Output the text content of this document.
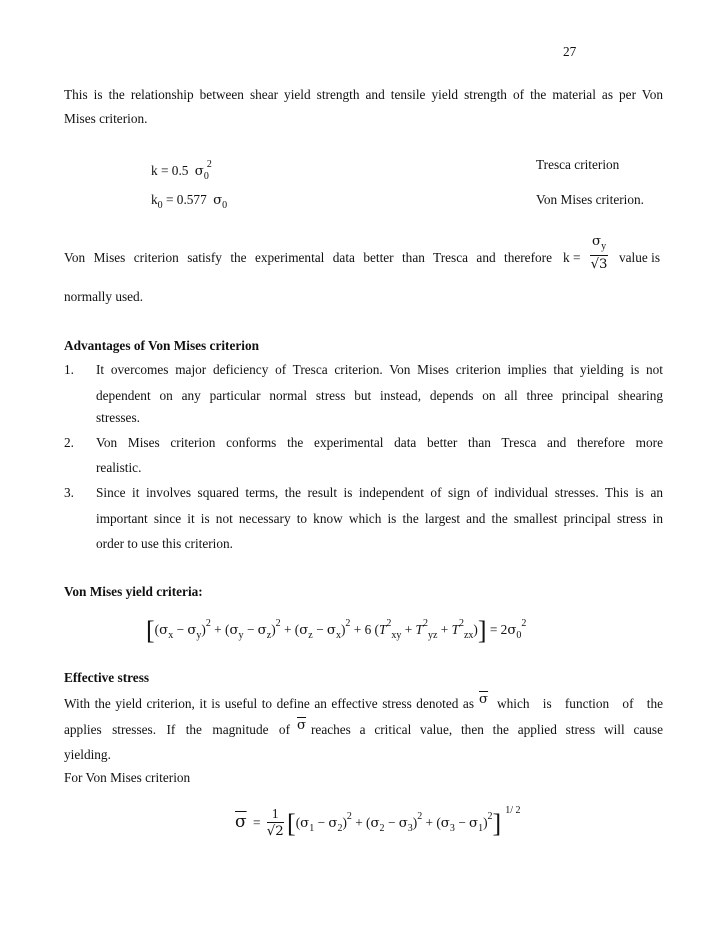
27
This is the relationship between shear yield strength and tensile yield strength of the material as per Von
Mises criterion.
k = 0.5 $\sigma_0^2$	Tresca criterion
$k_0 = 0.577$ $\sigma_0$	Von Mises criterion.
Von Mises criterion satisfy the experimental data better than Tresca and therefore $k = \frac{\sigma_y}{√3}$ value is
normally used.
Advantages of Von Mises criterion
1. It overcomes major deficiency of Tresca criterion. Von Mises criterion implies that yielding is not
dependent on any particular normal stress but instead, depends on all three principal shearing
stresses.
2. Von Mises criterion conforms the experimental data better than Tresca and therefore more
realistic.
3. Since it involves squared terms, the result is independent of sign of individual stresses. This is an
important since it is not necessary to know which is the largest and the smallest principal stress in
order to use this criterion.
Von Mises yield criteria:
[$(\sigma_x - \sigma_y)^2 + (\sigma_y - \sigma_z)^2 + (\sigma_z - \sigma_x)^2 + 6$ $(T^2_{xy} + T^2_{yz} + T^2_{zx})] = 2\sigma_0^2$
Effective stress
With the yield criterion, it is useful to define an effective stress denoted as $\overline{\sigma}$ which is function of the
applies stresses. If the magnitude of $\overline{\sigma}$ reaches a critical value, then the applied stress will cause
yielding.
For Von Mises criterion
$\overline{\sigma} = \frac{1}{√2} [(\sigma_1 - \sigma_2)^2 + (\sigma_2 - \sigma_3)^2 + (\sigma_3 - \sigma_1)^2]$ $^{1/ 2}$
